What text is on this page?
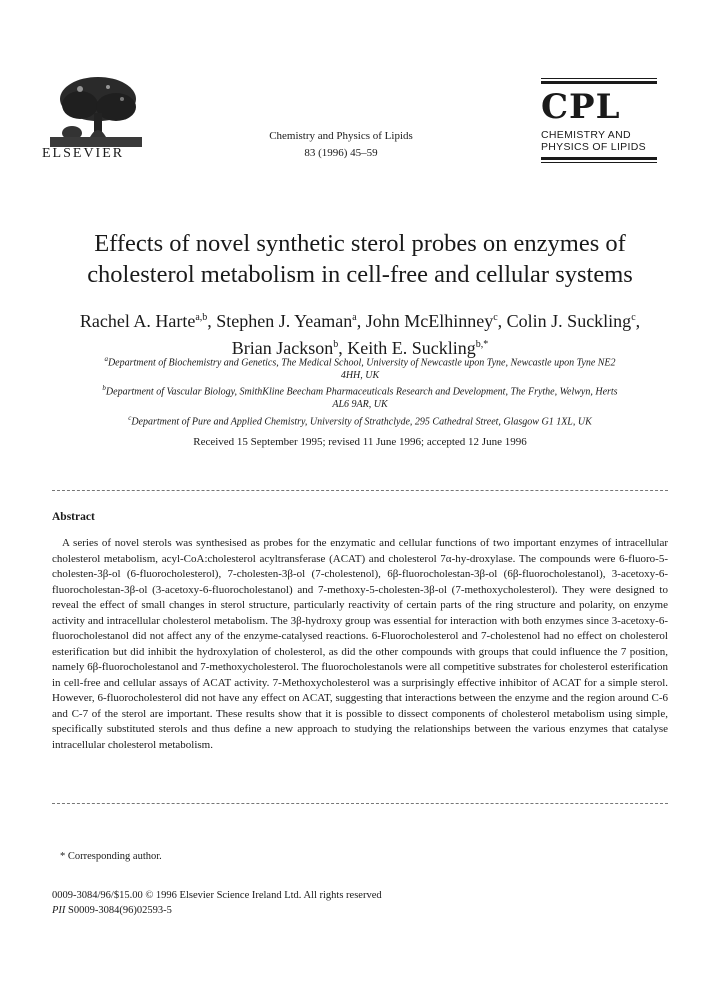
ELSEVIER
Chemistry and Physics of Lipids
83 (1996) 45–59
CPL
CHEMISTRY AND
PHYSICS OF LIPIDS
Effects of novel synthetic sterol probes on enzymes of
cholesterol metabolism in cell-free and cellular systems
Rachel A. Harte$^{a,b}$, Stephen J. Yeaman$^a$, John McElhinney$^c$, Colin J. Suckling$^c$,
Brian Jackson$^b$, Keith E. Suckling$^{b,*}$
$^a$Department of Biochemistry and Genetics, The Medical School, University of Newcastle upon Tyne, Newcastle upon Tyne NE2
4HH, UK
$^b$Department of Vascular Biology, SmithKline Beecham Pharmaceuticals Research and Development, The Frythe, Welwyn, Herts
AL6 9AR, UK
$^c$Department of Pure and Applied Chemistry, University of Strathclyde, 295 Cathedral Street, Glasgow G1 1XL, UK
Received 15 September 1995; revised 11 June 1996; accepted 12 June 1996
Abstract
A series of novel sterols was synthesised as probes for the enzymatic and cellular functions of two important enzymes of intracellular cholesterol metabolism, acyl-CoA:cholesterol acyltransferase (ACAT) and cholesterol 7α-hy-droxylase. The compounds were 6-fluoro-5-cholesten-3β-ol (6-fluorocholesterol), 7-cholesten-3β-ol (7-cholestenol), 6β-fluorocholestan-3β-ol (6β-fluorocholestanol), 3-acetoxy-6-fluorocholestan-3β-ol (3-acetoxy-6-fluorocholestanol) and 7-methoxy-5-cholesten-3β-ol (7-methoxycholesterol). They were designed to reveal the effect of small changes in sterol structure, particularly reactivity of certain parts of the ring structure and polarity, on enzyme activity and intracellular cholesterol metabolism. The 3β-hydroxy group was essential for interaction with both enzymes since 3-acetoxy-6-fluorocholestanol did not affect any of the enzyme-catalysed reactions. 6-Fluorocholesterol and 7-cholestenol had no effect on cholesterol esterification but did inhibit the hydroxylation of cholesterol, as did the other compounds with groups that could influence the 7 position, namely 6β-fluorocholestanol and 7-methoxycholesterol. The fluorocholestanols were all competitive substrates for cholesterol esterification in cell-free and cellular assays of ACAT activity. 7-Methoxycholesterol was a surprisingly effective inhibitor of ACAT for a simple sterol. However, 6-fluorocholesterol did not have any effect on ACAT, suggesting that interactions between the enzyme and the region around C-6 and C-7 of the sterol are important. These results show that it is possible to dissect components of cholesterol metabolism using simple, specifically substituted sterols and thus define a new approach to studying the relationships between the various enzymes that catalyse intracellular cholesterol metabolism.
* Corresponding author.
0009-3084/96/$15.00 © 1996 Elsevier Science Ireland Ltd. All rights reserved
PII S0009-3084(96)02593-5
